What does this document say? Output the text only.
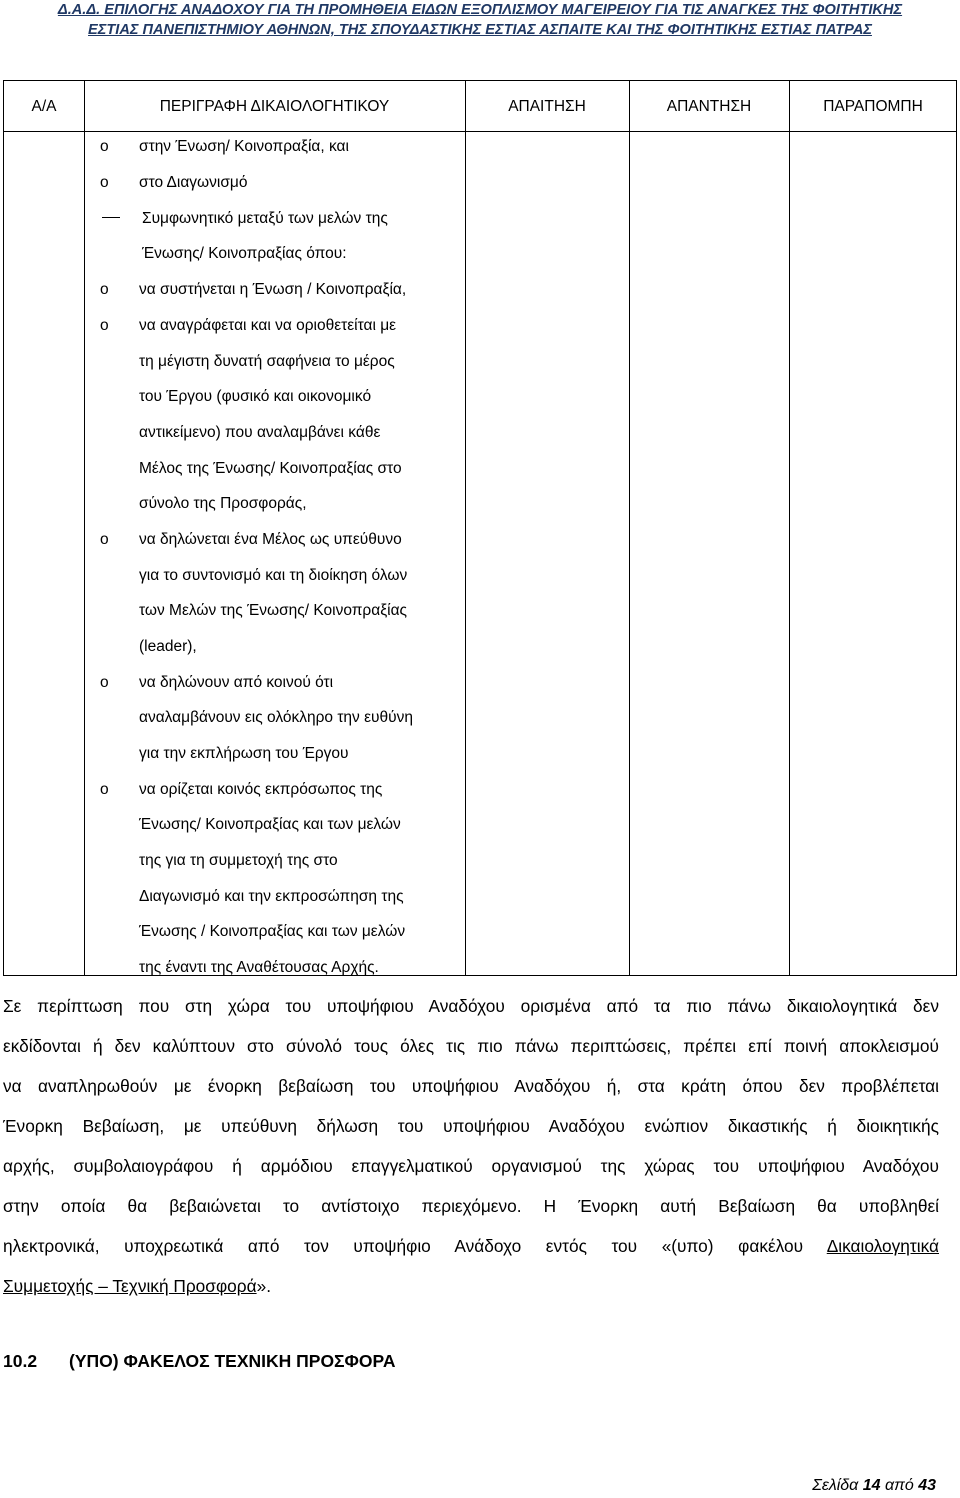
Δ.Α.Δ. ΕΠΙΛΟΓΗΣ ΑΝΑΔΟΧΟΥ ΓΙΑ ΤΗ ΠΡΟΜΗΘΕΙΑ ΕΙΔΩΝ ΕΞΟΠΛΙΣΜΟΥ ΜΑΓΕΙΡΕΙΟΥ ΓΙΑ ΤΙΣ ΑΝΑΓΚΕΣ ΤΗΣ ΦΟΙΤΗΤΙΚΗΣ
ΕΣΤΙΑΣ ΠΑΝΕΠΙΣΤΗΜΙΟΥ ΑΘΗΝΩΝ, ΤΗΣ ΣΠΟΥΔΑΣΤΙΚΗΣ ΕΣΤΙΑΣ ΑΣΠΑΙΤΕ ΚΑΙ ΤΗΣ ΦΟΙΤΗΤΙΚΗΣ ΕΣΤΙΑΣ ΠΑΤΡΑΣ
Α/Α	ΠΕΡΙΓΡΑΦΗ ΔΙΚΑΙΟΛΟΓΗΤΙΚΟΥ	ΑΠΑΙΤΗΣΗ	ΑΠΑΝΤΗΣΗ	ΠΑΡΑΠΟΜΠΗ
o στην Ένωση/ Κοινοπραξία, και
o στο Διαγωνισμό
Συμφωνητικό μεταξύ των μελών της
Ένωσης/ Κοινοπραξίας όπου:
o να συστήνεται η Ένωση / Κοινοπραξία,
o να αναγράφεται και να οριοθετείται με
τη μέγιστη δυνατή σαφήνεια το μέρος
του Έργου (φυσικό και οικονομικό
αντικείμενο) που αναλαμβάνει κάθε
Μέλος της Ένωσης/ Κοινοπραξίας στο
σύνολο της Προσφοράς,
o να δηλώνεται ένα Μέλος ως υπεύθυνο
για το συντονισμό και τη διοίκηση όλων
των Μελών της Ένωσης/ Κοινοπραξίας
(leader),
o να δηλώνουν από κοινού ότι
αναλαμβάνουν εις ολόκληρο την ευθύνη
για την εκπλήρωση του Έργου
o να ορίζεται κοινός εκπρόσωπος της
Ένωσης/ Κοινοπραξίας και των μελών
της για τη συμμετοχή της στο
Διαγωνισμό και την εκπροσώπηση της
Ένωσης / Κοινοπραξίας και των μελών
της έναντι της Αναθέτουσας Αρχής.
Σε περίπτωση που στη χώρα του υποψήφιου Αναδόχου ορισμένα από τα πιο πάνω δικαιολογητικά δεν
εκδίδονται ή δεν καλύπτουν στο σύνολό τους όλες τις πιο πάνω περιπτώσεις, πρέπει επί ποινή αποκλεισμού
να αναπληρωθούν με ένορκη βεβαίωση του υποψήφιου Αναδόχου ή, στα κράτη όπου δεν προβλέπεται
Ένορκη Βεβαίωση, με υπεύθυνη δήλωση του υποψήφιου Αναδόχου ενώπιον δικαστικής ή διοικητικής
αρχής, συμβολαιογράφου ή αρμόδιου επαγγελματικού οργανισμού της χώρας του υποψήφιου Αναδόχου
στην οποία θα βεβαιώνεται το αντίστοιχο περιεχόμενο. Η Ένορκη αυτή Βεβαίωση θα υποβληθεί
ηλεκτρονικά, υποχρεωτικά από τον υποψήφιο Ανάδοχο εντός του «(υπο) φακέλου Δικαιολογητικά
Συμμετοχής – Τεχνική Προσφορά».
10.2 (ΥΠΟ) ΦΑΚΕΛΟΣ ΤΕΧΝΙΚΗ ΠΡΟΣΦΟΡΑ
Σελίδα 14 από 43
